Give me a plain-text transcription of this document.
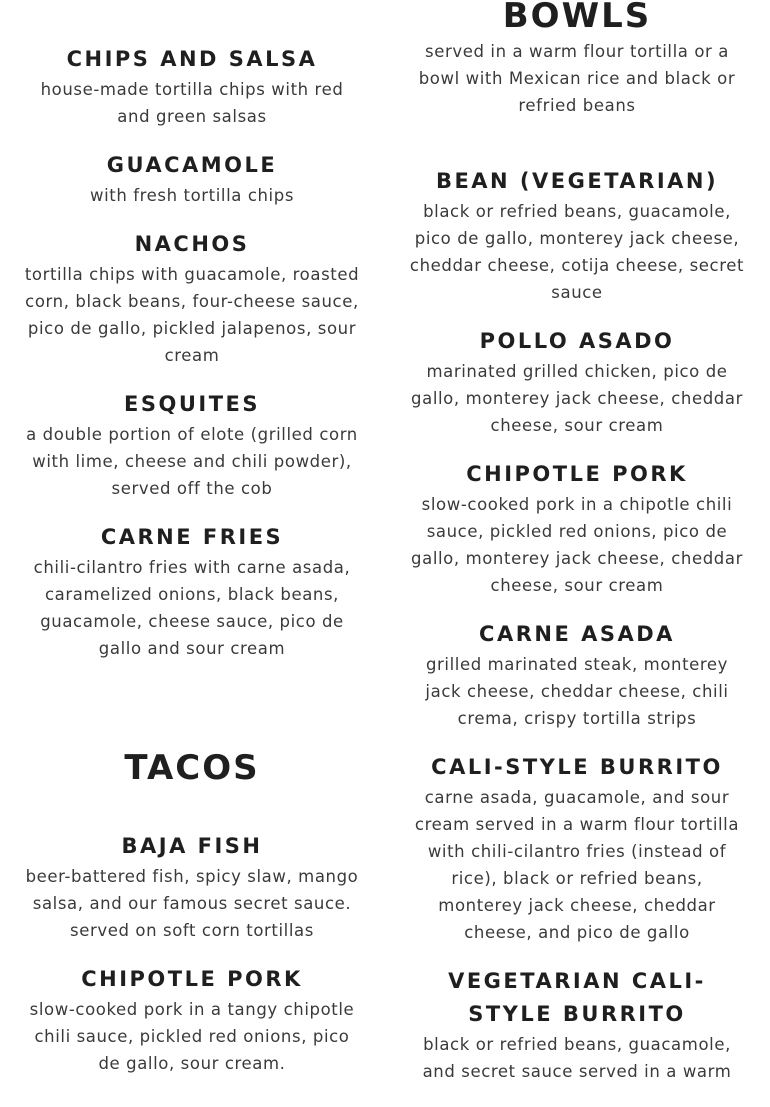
CHIPS AND SALSA

house-made tortilla chips with red and green salsas

GUACAMOLE

with fresh tortilla chips

NACHOS

tortilla chips with guacamole, roasted corn, black beans, four-cheese sauce, pico de gallo, pickled jalapenos, sour cream

ESQUITES

a double portion of elote (grilled corn with lime, cheese and chili powder), served off the cob

CARNE FRIES

chili-cilantro fries with carne asada, caramelized onions, black beans, guacamole, cheese sauce, pico de gallo and sour cream

TACOS
BAJA FISH

beer-battered fish, spicy slaw, mango salsa, and our famous secret sauce. served on soft corn tortillas

CHIPOTLE PORK

slow-cooked pork in a tangy chipotle chili sauce, pickled red onions, pico de gallo, sour cream.

BOWLS

served in a warm flour tortilla or a bowl with Mexican rice and black or refried beans

BEAN (VEGETARIAN)

black or refried beans, guacamole, pico de gallo, monterey jack cheese, cheddar cheese, cotija cheese, secret sauce

POLLO ASADO

marinated grilled chicken, pico de gallo, monterey jack cheese, cheddar cheese, sour cream

CHIPOTLE PORK

slow-cooked pork in a chipotle chili sauce, pickled red onions, pico de gallo, monterey jack cheese, cheddar cheese, sour cream

CARNE ASADA

grilled marinated steak, monterey jack cheese, cheddar cheese, chili crema, crispy tortilla strips

CALI-STYLE BURRITO

carne asada, guacamole, and sour cream served in a warm flour tortilla with chili-cilantro fries (instead of rice), black or refried beans, monterey jack cheese, cheddar cheese, and pico de gallo

VEGETARIAN CALI-STYLE BURRITO

black or refried beans, guacamole, and secret sauce served in a warm
